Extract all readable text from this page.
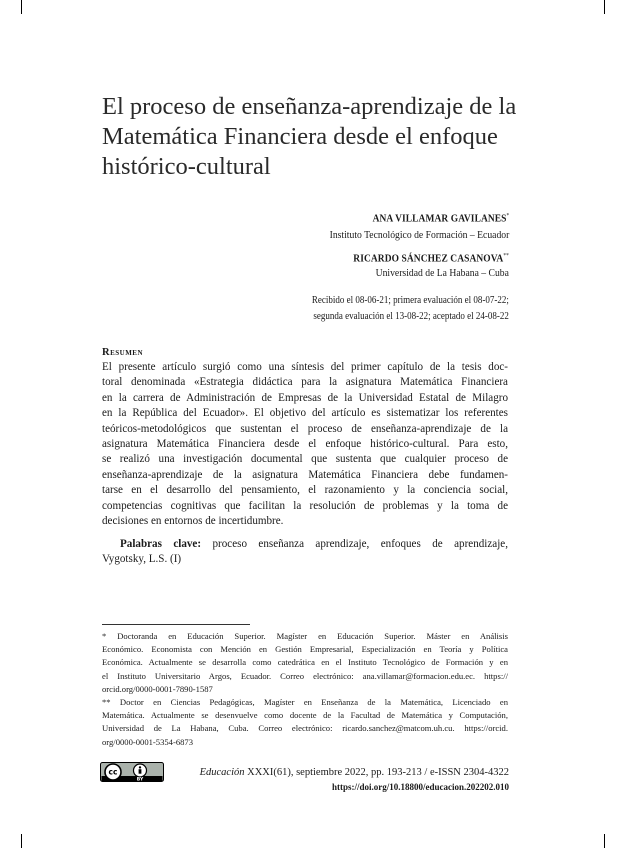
El proceso de enseñanza-aprendizaje de la
Matemática Financiera desde el enfoque
histórico-cultural
ANA VILLAMAR GAVILANES*
Instituto Tecnológico de Formación – Ecuador
RICARDO SÁNCHEZ CASANOVA**
Universidad de La Habana – Cuba
Recibido el 08-06-21; primera evaluación el 08-07-22;
segunda evaluación el 13-08-22; aceptado el 24-08-22
Resumen
El presente artículo surgió como una síntesis del primer capítulo de la tesis doc-
toral denominada «Estrategia didáctica para la asignatura Matemática Financiera
en la carrera de Administración de Empresas de la Universidad Estatal de Milagro
en la República del Ecuador». El objetivo del artículo es sistematizar los referentes
teóricos-metodológicos que sustentan el proceso de enseñanza-aprendizaje de la
asignatura Matemática Financiera desde el enfoque histórico-cultural. Para esto,
se realizó una investigación documental que sustenta que cualquier proceso de
enseñanza-aprendizaje de la asignatura Matemática Financiera debe fundamen-
tarse en el desarrollo del pensamiento, el razonamiento y la conciencia social,
competencias cognitivas que facilitan la resolución de problemas y la toma de
decisiones en entornos de incertidumbre.
Palabras clave: proceso enseñanza aprendizaje, enfoques de aprendizaje,
Vygotsky, L.S. (I)
* Doctoranda en Educación Superior. Magíster en Educación Superior. Máster en Análisis
Económico. Economista con Mención en Gestión Empresarial, Especialización en Teoría y Política
Económica. Actualmente se desarrolla como catedrática en el Instituto Tecnológico de Formación y en
el Instituto Universitario Argos, Ecuador. Correo electrónico: ana.villamar@formacion.edu.ec. https://
orcid.org/0000-0001-7890-1587
** Doctor en Ciencias Pedagógicas, Magíster en Enseñanza de la Matemática, Licenciado en
Matemática. Actualmente se desenvuelve como docente de la Facultad de Matemática y Computación,
Universidad de La Habana, Cuba. Correo electrónico: ricardo.sanchez@matcom.uh.cu. https://orcid.
org/0000-0001-5354-6873
cc
BY
Educación XXXI(61), septiembre 2022, pp. 193-213 / e-ISSN 2304-4322
https://doi.org/10.18800/educacion.202202.010
